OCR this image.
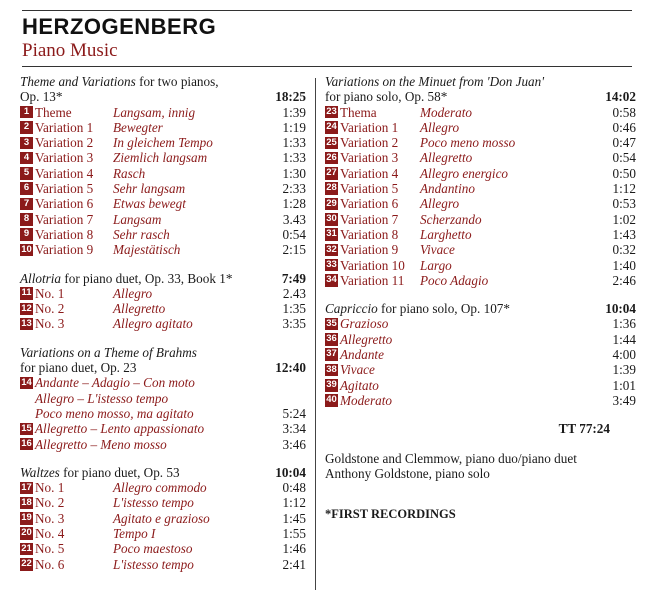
HERZOGENBERG
Piano Music
Theme and Variations for two pianos,
Op. 13*	18:25
1 Theme	Langsam, innig	1:39
2 Variation 1	Bewegter	1:19
3 Variation 2	In gleichem Tempo	1:33
4 Variation 3	Ziemlich langsam	1:33
5 Variation 4	Rasch	1:30
6 Variation 5	Sehr langsam	2:33
7 Variation 6	Etwas bewegt	1:28
8 Variation 7	Langsam	3.43
9 Variation 8	Sehr rasch	0:54
10 Variation 9	Majestätisch	2:15
Allotria for piano duet, Op. 33, Book 1*	7:49
11 No. 1	Allegro	2.43
12 No. 2	Allegretto	1:35
13 No. 3	Allegro agitato	3:35
Variations on a Theme of Brahms
for piano duet, Op. 23	12:40
14 Andante – Adagio – Con moto
Allegro – L'istesso tempo
Poco meno mosso, ma agitato	5:24
15 Allegretto – Lento appassionato	3:34
16 Allegretto – Meno mosso	3:46
Waltzes for piano duet, Op. 53	10:04
17 No. 1	Allegro commodo	0:48
18 No. 2	L'istesso tempo	1:12
19 No. 3	Agitato e grazioso	1:45
20 No. 4	Tempo I	1:55
21 No. 5	Poco maestoso	1:46
22 No. 6	L'istesso tempo	2:41
Variations on the Minuet from 'Don Juan'
for piano solo, Op. 58*	14:02
23 Thema	Moderato	0:58
24 Variation 1	Allegro	0:46
25 Variation 2	Poco meno mosso	0:47
26 Variation 3	Allegretto	0:54
27 Variation 4	Allegro energico	0:50
28 Variation 5	Andantino	1:12
29 Variation 6	Allegro	0:53
30 Variation 7	Scherzando	1:02
31 Variation 8	Larghetto	1:43
32 Variation 9	Vivace	0:32
33 Variation 10	Largo	1:40
34 Variation 11	Poco Adagio	2:46
Capriccio for piano solo, Op. 107*	10:04
35 Grazioso	1:36
36 Allegretto	1:44
37 Andante	4:00
38 Vivace	1:39
39 Agitato	1:01
40 Moderato	3:49
TT 77:24
Goldstone and Clemmow, piano duo/piano duet
Anthony Goldstone, piano solo
*FIRST RECORDINGS
